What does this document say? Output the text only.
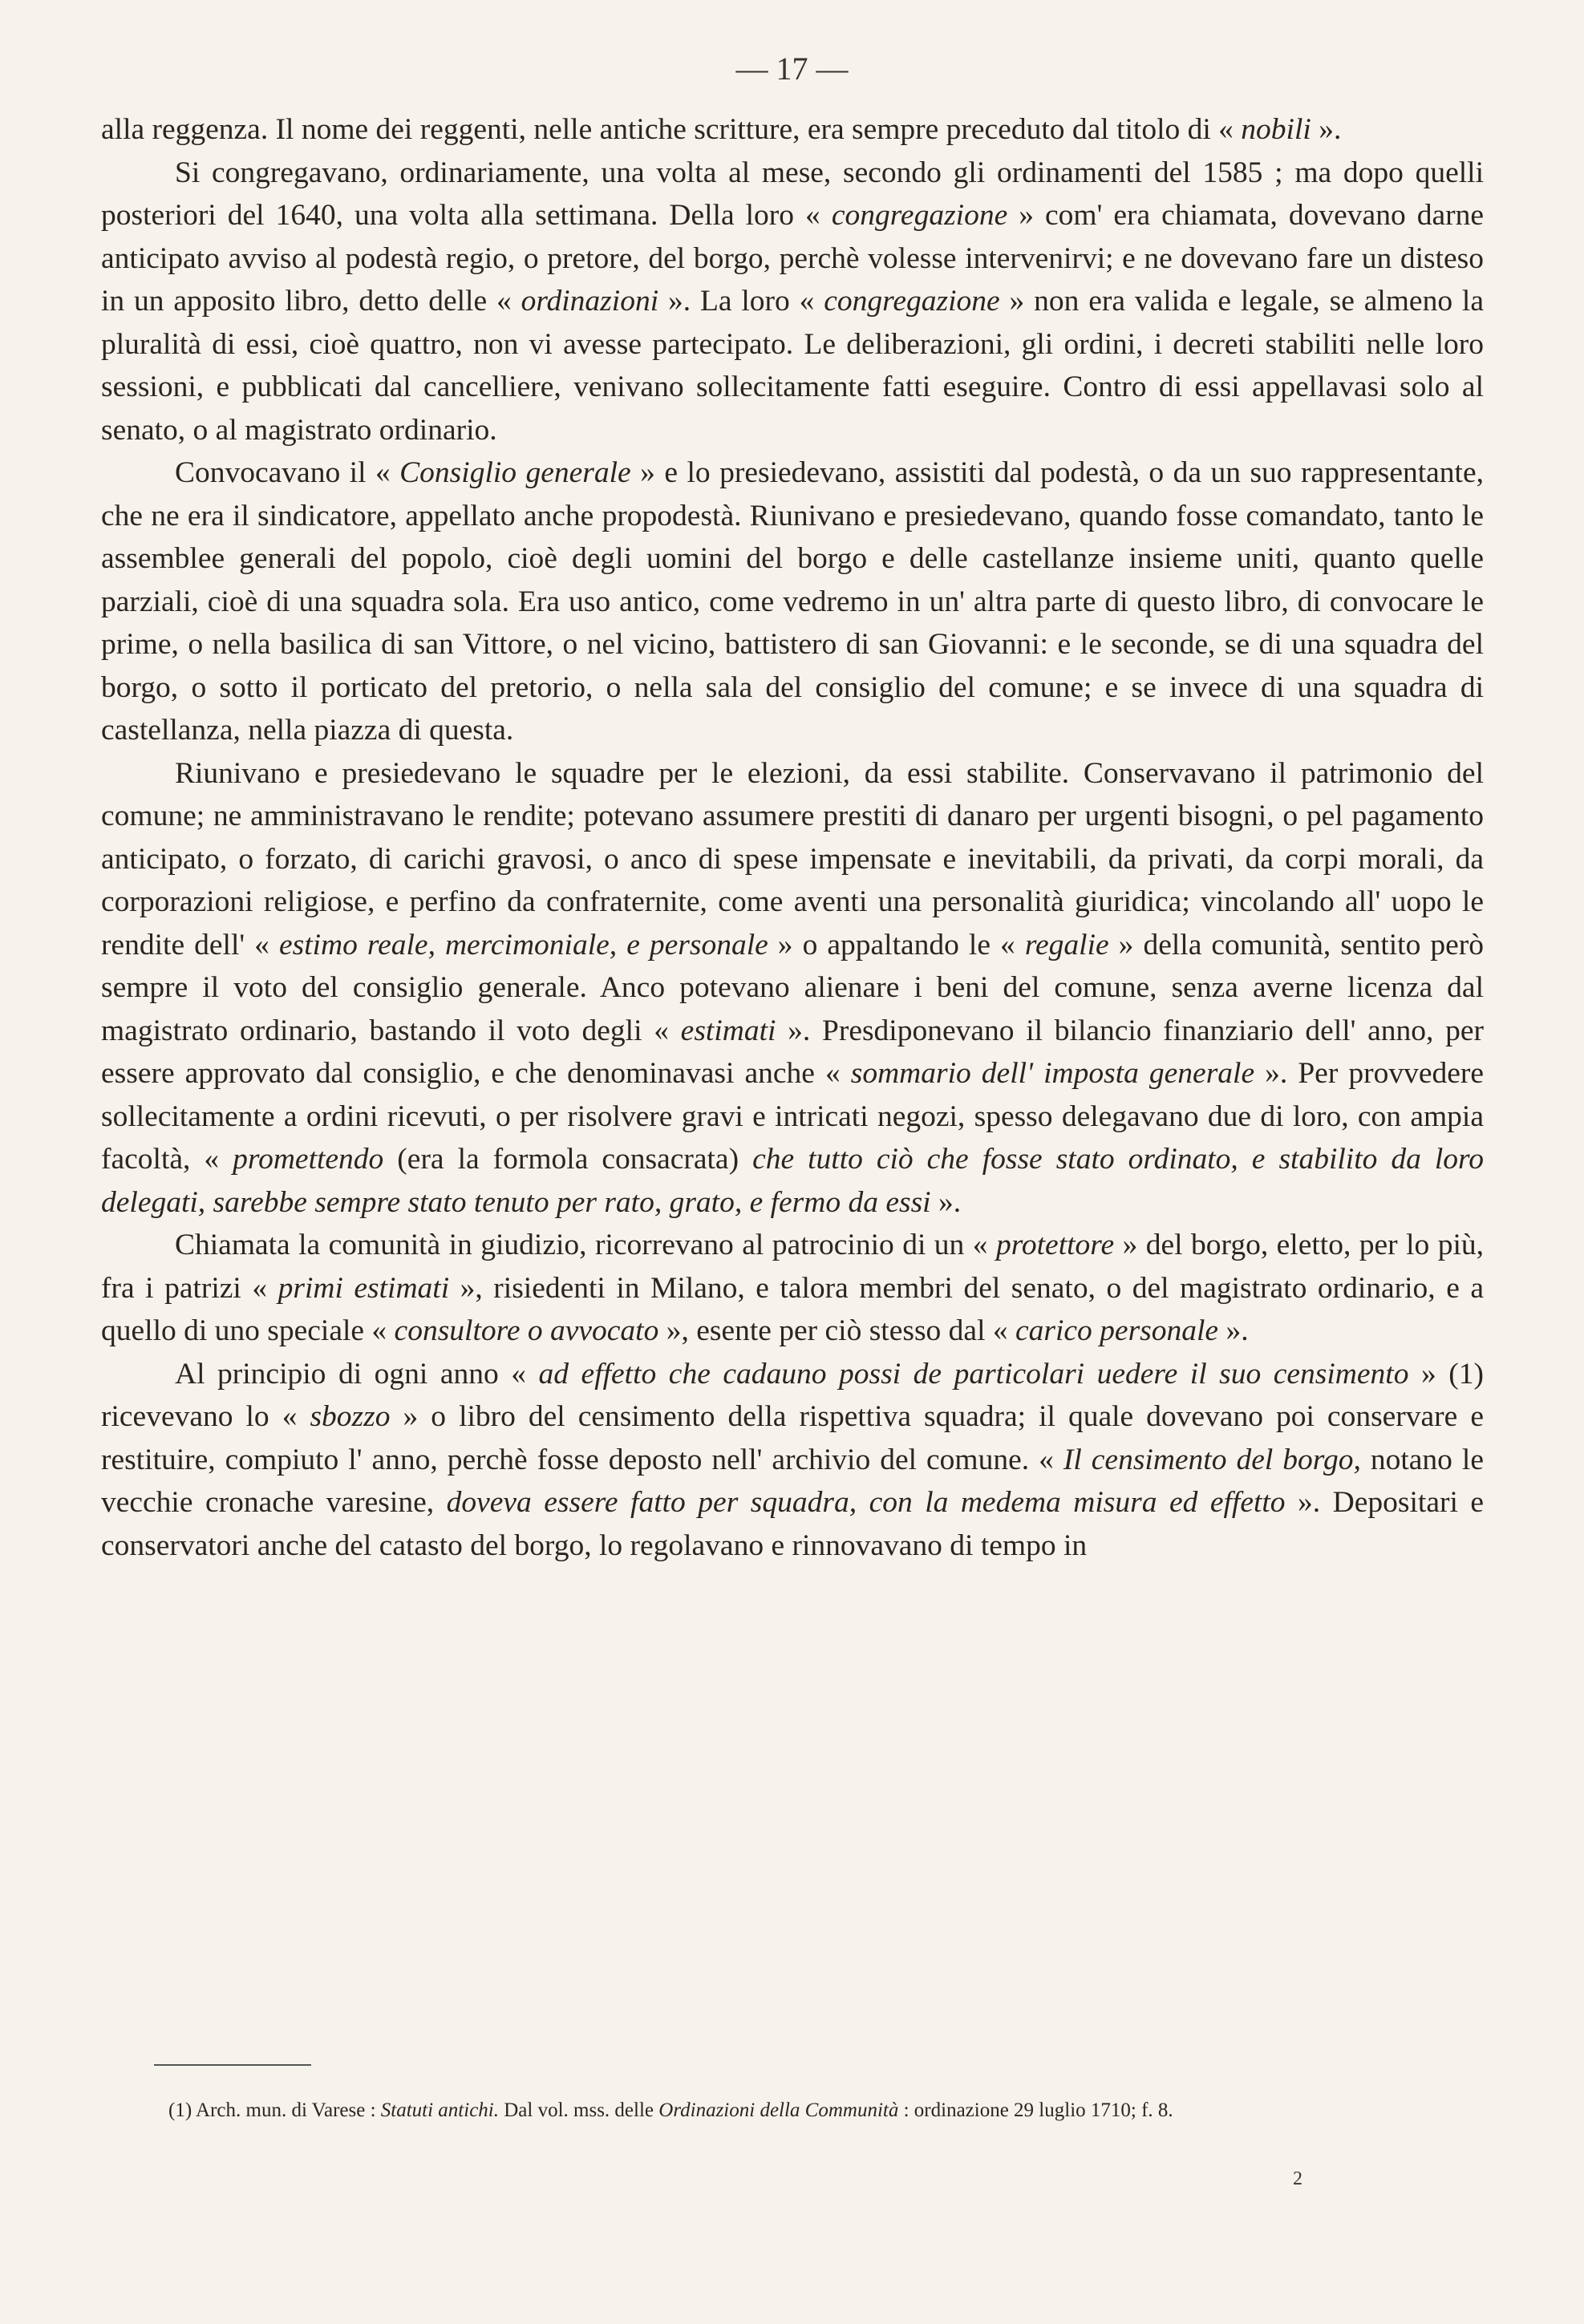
— 17 —

alla reggenza. Il nome dei reggenti, nelle antiche scritture, era sempre preceduto dal titolo di « nobili ».

Si congregavano, ordinariamente, una volta al mese, secondo gli ordinamenti del 1585 ; ma dopo quelli posteriori del 1640, una volta alla settimana. Della loro « congregazione » com' era chiamata, dovevano darne anticipato avviso al podestà regio, o pretore, del borgo, perchè volesse intervenirvi; e ne dovevano fare un disteso in un apposito libro, detto delle « ordinazioni ». La loro « congregazione » non era valida e legale, se almeno la pluralità di essi, cioè quattro, non vi avesse partecipato. Le deliberazioni, gli ordini, i decreti stabiliti nelle loro sessioni, e pubblicati dal cancelliere, venivano sollecitamente fatti eseguire. Contro di essi appellavasi solo al senato, o al magistrato ordinario.

Convocavano il « Consiglio generale » e lo presiedevano, assistiti dal podestà, o da un suo rappresentante, che ne era il sindicatore, appellato anche propodestà. Riunivano e presiedevano, quando fosse comandato, tanto le assemblee generali del popolo, cioè degli uomini del borgo e delle castellanze insieme uniti, quanto quelle parziali, cioè di una squadra sola. Era uso antico, come vedremo in un' altra parte di questo libro, di convocare le prime, o nella basilica di san Vittore, o nel vicino, battistero di san Giovanni: e le seconde, se di una squadra del borgo, o sotto il porticato del pretorio, o nella sala del consiglio del comune; e se invece di una squadra di castellanza, nella piazza di questa.

Riunivano e presiedevano le squadre per le elezioni, da essi stabilite. Conservavano il patrimonio del comune; ne amministravano le rendite; potevano assumere prestiti di danaro per urgenti bisogni, o pel pagamento anticipato, o forzato, di carichi gravosi, o anco di spese impensate e inevitabili, da privati, da corpi morali, da corporazioni religiose, e perfino da confraternite, come aventi una personalità giuridica; vincolando all' uopo le rendite dell' « estimo reale, mercimoniale, e personale » o appaltando le « regalie » della comunità, sentito però sempre il voto del consiglio generale. Anco potevano alienare i beni del comune, senza averne licenza dal magistrato ordinario, bastando il voto degli « estimati ». Presdiponevano il bilancio finanziario dell' anno, per essere approvato dal consiglio, e che denominavasi anche « sommario dell' imposta generale ». Per provvedere sollecitamente a ordini ricevuti, o per risolvere gravi e intricati negozi, spesso delegavano due di loro, con ampia facoltà, « promettendo (era la formola consacrata) che tutto ciò che fosse stato ordinato, e stabilito da loro delegati, sarebbe sempre stato tenuto per rato, grato, e fermo da essi ».

Chiamata la comunità in giudizio, ricorrevano al patrocinio di un « protettore » del borgo, eletto, per lo più, fra i patrizi « primi estimati », risiedenti in Milano, e talora membri del senato, o del magistrato ordinario, e a quello di uno speciale « consultore o avvocato », esente per ciò stesso dal « carico personale ».

Al principio di ogni anno « ad effetto che cadauno possi de particolari uedere il suo censimento » (1) ricevevano lo « sbozzo » o libro del censimento della rispettiva squadra; il quale dovevano poi conservare e restituire, compiuto l' anno, perchè fosse deposto nell' archivio del comune. « Il censimento del borgo, notano le vecchie cronache varesine, doveva essere fatto per squadra, con la medema misura ed effetto ». Depositari e conservatori anche del catasto del borgo, lo regolavano e rinnovavano di tempo in

(1) Arch. mun. di Varese : Statuti antichi. Dal vol. mss. delle Ordinazioni della Communità : ordinazione 29 luglio 1710; f. 8.

2
